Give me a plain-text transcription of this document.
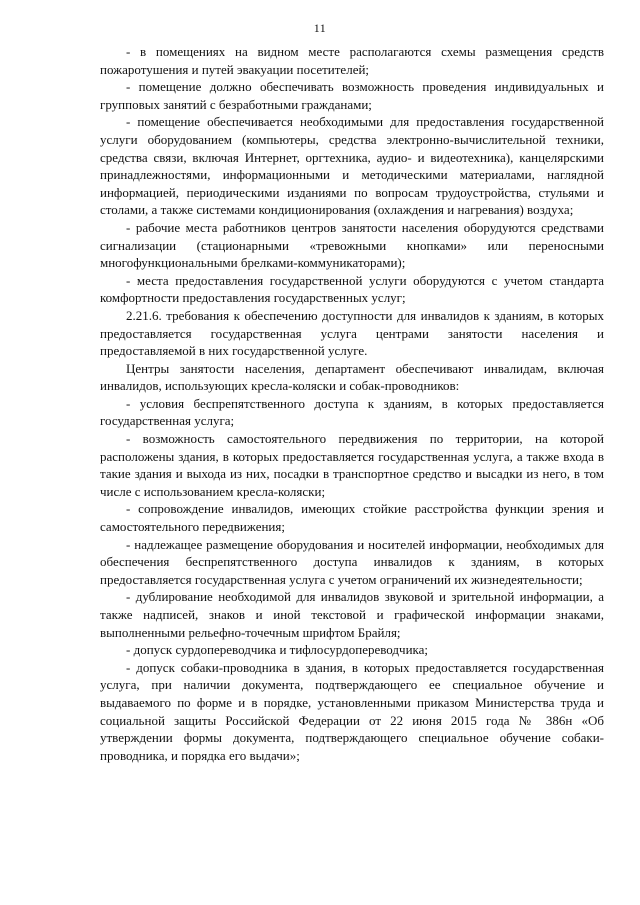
11

- в помещениях на видном месте располагаются схемы размещения средств пожаротушения и путей эвакуации посетителей;

- помещение должно обеспечивать возможность проведения индивидуальных и групповых занятий с безработными гражданами;

- помещение обеспечивается необходимыми для предоставления государственной услуги оборудованием (компьютеры, средства электронно-вычислительной техники, средства связи, включая Интернет, оргтехника, аудио- и видеотехника), канцелярскими принадлежностями, информационными и методическими материалами, наглядной информацией, периодическими изданиями по вопросам трудоустройства, стульями и столами, а также системами кондиционирования (охлаждения и нагревания) воздуха;

- рабочие места работников центров занятости населения оборудуются средствами сигнализации (стационарными «тревожными кнопками» или переносными многофункциональными брелками-коммуникаторами);

- места предоставления государственной услуги оборудуются с учетом стандарта комфортности предоставления государственных услуг;

2.21.6. требования к обеспечению доступности для инвалидов к зданиям, в которых предоставляется государственная услуга центрами занятости населения и предоставляемой в них государственной услуге.

Центры занятости населения, департамент обеспечивают инвалидам, включая инвалидов, использующих кресла-коляски и собак-проводников:

- условия беспрепятственного доступа к зданиям, в которых предоставляется государственная услуга;

- возможность самостоятельного передвижения по территории, на которой расположены здания, в которых предоставляется государственная услуга, а также входа в такие здания и выхода из них, посадки в транспортное средство и высадки из него, в том числе с использованием кресла-коляски;

- сопровождение инвалидов, имеющих стойкие расстройства функции зрения и самостоятельного передвижения;

- надлежащее размещение оборудования и носителей информации, необходимых для обеспечения беспрепятственного доступа инвалидов к зданиям, в которых предоставляется государственная услуга с учетом ограничений их жизнедеятельности;

- дублирование необходимой для инвалидов звуковой и зрительной информации, а также надписей, знаков и иной текстовой и графической информации знаками, выполненными рельефно-точечным шрифтом Брайля;

- допуск сурдопереводчика и тифлосурдопереводчика;

- допуск собаки-проводника в здания, в которых предоставляется государственная услуга, при наличии документа, подтверждающего ее специальное обучение и выдаваемого по форме и в порядке, установленными приказом Министерства труда и социальной защиты Российской Федерации от 22 июня 2015 года № 386н «Об утверждении формы документа, подтверждающего специальное обучение собаки-проводника, и порядка его выдачи»;
